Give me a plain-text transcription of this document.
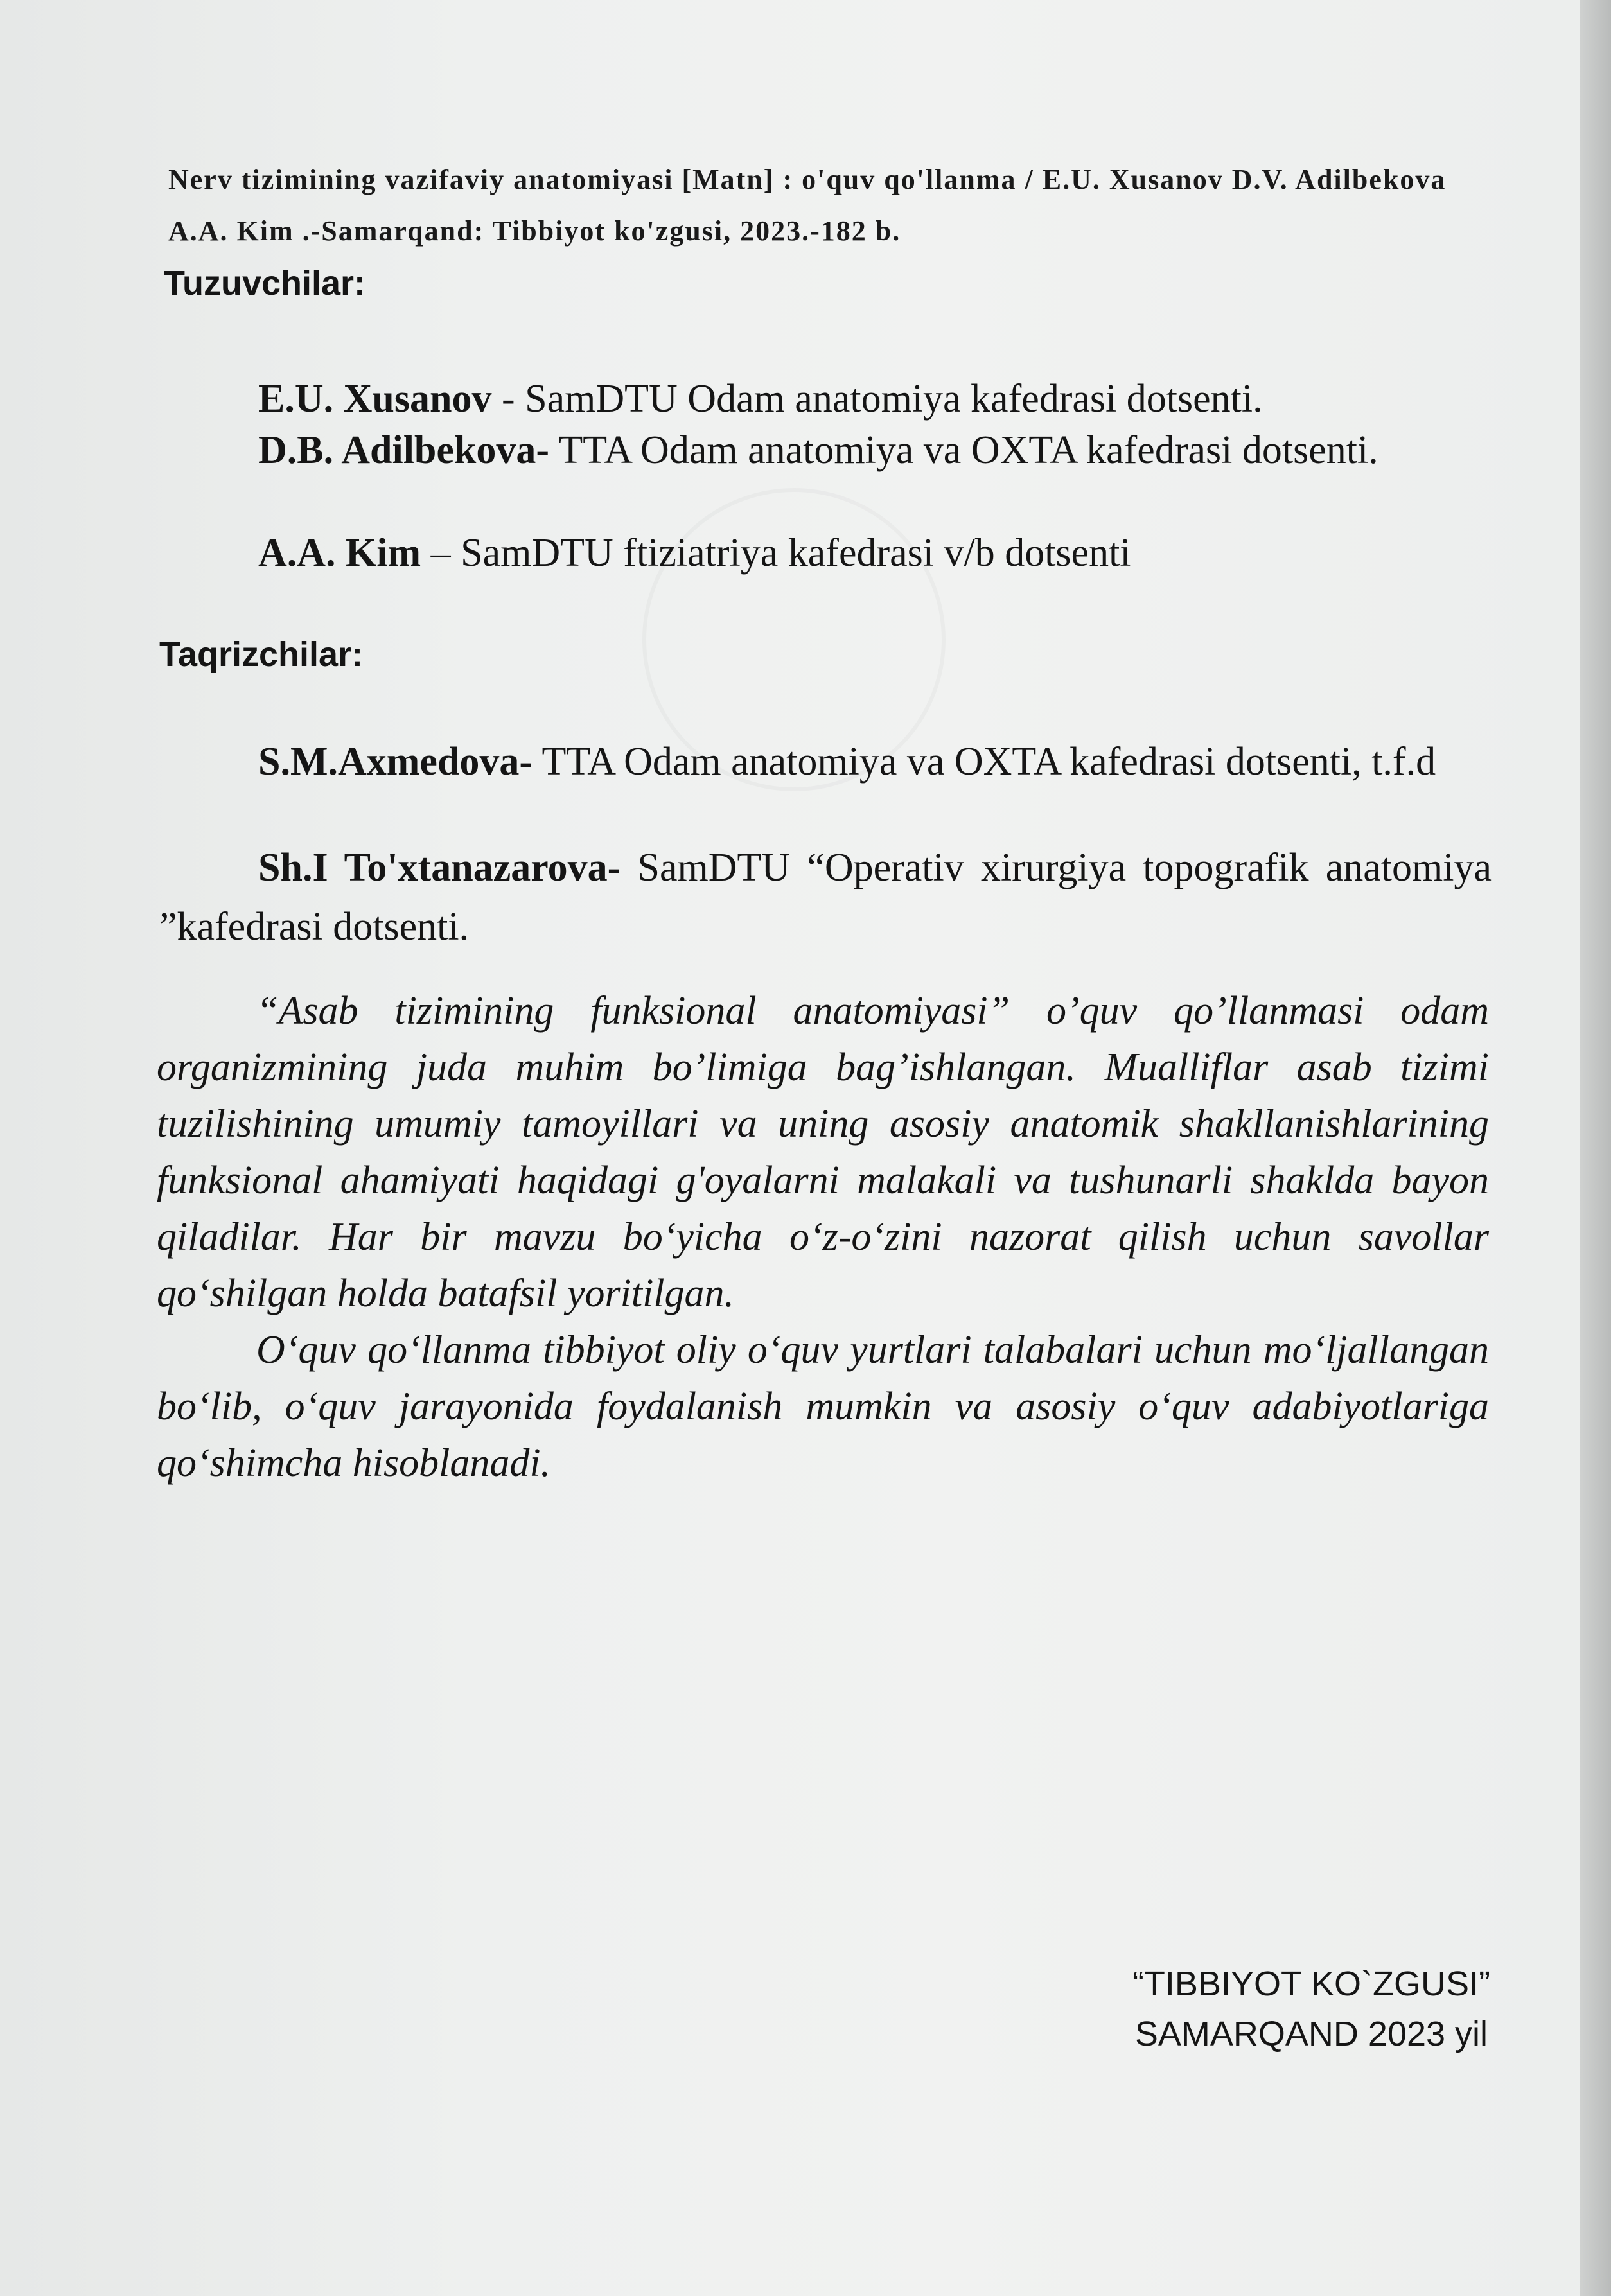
Nerv tizimining vazifaviy anatomiyasi [Matn] : o'quv qo'llanma / E.U. Xusanov D.V. Adilbekova A.A. Kim .-Samarqand: Tibbiyot ko'zgusi, 2023.-182 b.
Tuzuvchilar:
E.U. Xusanov - SamDTU Odam anatomiya kafedrasi dotsenti.
D.B. Adilbekova- TTA Odam anatomiya va OXTA kafedrasi dotsenti.
A.A. Kim – SamDTU ftiziatriya kafedrasi v/b dotsenti
Taqrizchilar:
S.M.Axmedova- TTA Odam anatomiya va OXTA kafedrasi dotsenti, t.f.d
Sh.I To'xtanazarova- SamDTU “Operativ xirurgiya topografik anatomiya ”kafedrasi dotsenti.

“Asab tizimining funksional anatomiyasi” o’quv qo’llanmasi odam organizmining juda muhim bo’limiga bag’ishlangan. Mualliflar asab tizimi tuzilishining umumiy tamoyillari va uning asosiy anatomik shakllanishlarining funksional ahamiyati haqidagi g'oyalarni malakali va tushunarli shaklda bayon qiladilar. Har bir mavzu bo‘yicha o‘z-o‘zini nazorat qilish uchun savollar qo‘shilgan holda batafsil yoritilgan.

O‘quv qo‘llanma tibbiyot oliy o‘quv yurtlari talabalari uchun mo‘ljallangan bo‘lib, o‘quv jarayonida foydalanish mumkin va asosiy o‘quv adabiyotlariga qo‘shimcha hisoblanadi.

“TIBBIYOT KO`ZGUSI”
SAMARQAND 2023 yil
